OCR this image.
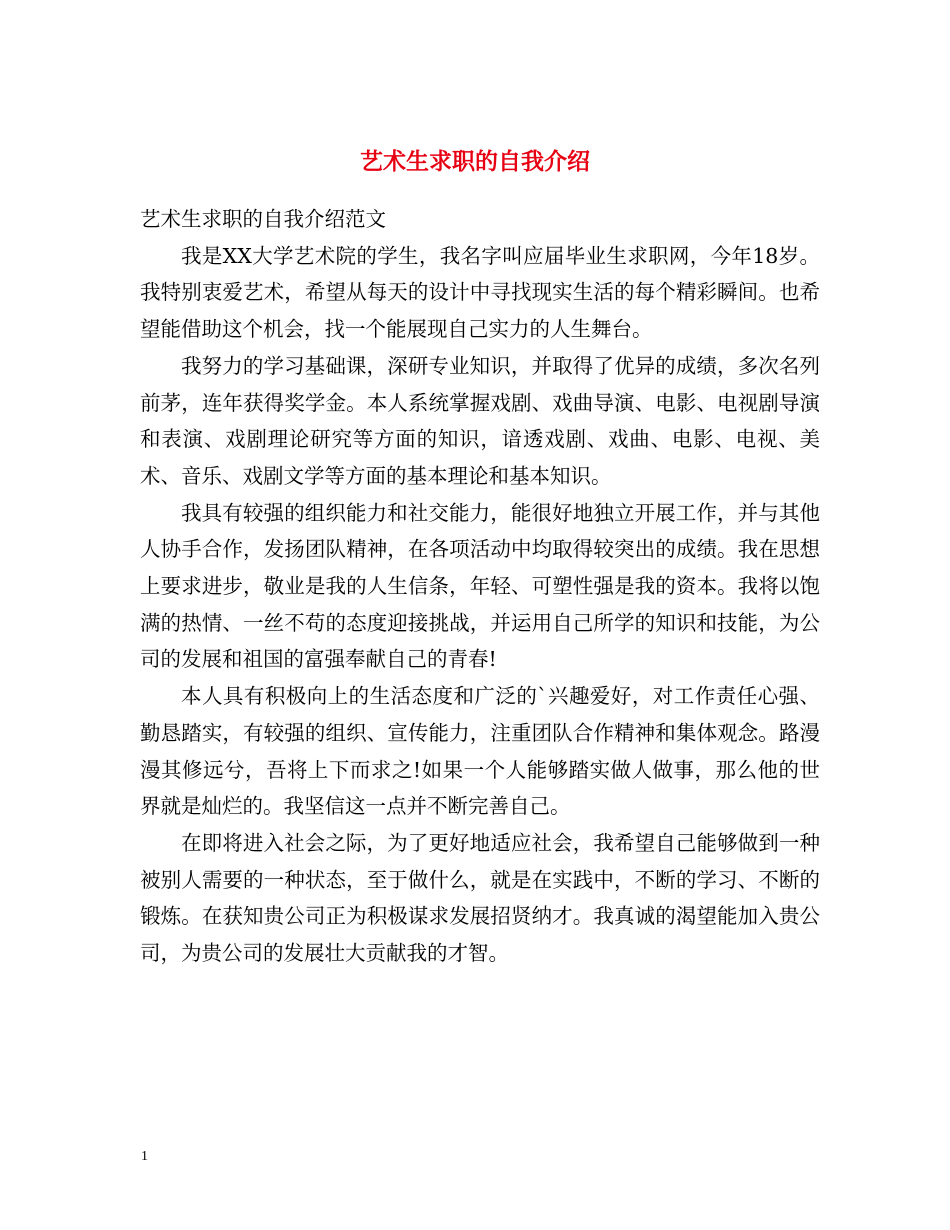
艺术生求职的自我介绍

艺术生求职的自我介绍范文

我是XX大学艺术院的学生，我名字叫应届毕业生求职网，今年18岁。我特别衷爱艺术，希望从每天的设计中寻找现实生活的每个精彩瞬间。也希望能借助这个机会，找一个能展现自己实力的人生舞台。

我努力的学习基础课，深研专业知识，并取得了优异的成绩，多次名列前茅，连年获得奖学金。本人系统掌握戏剧、戏曲导演、电影、电视剧导演和表演、戏剧理论研究等方面的知识，谙透戏剧、戏曲、电影、电视、美术、音乐、戏剧文学等方面的基本理论和基本知识。

我具有较强的组织能力和社交能力，能很好地独立开展工作，并与其他人协手合作，发扬团队精神，在各项活动中均取得较突出的成绩。我在思想上要求进步，敬业是我的人生信条，年轻、可塑性强是我的资本。我将以饱满的热情、一丝不苟的态度迎接挑战，并运用自己所学的知识和技能，为公司的发展和祖国的富强奉献自己的青春!

本人具有积极向上的生活态度和广泛的`兴趣爱好，对工作责任心强、勤恳踏实，有较强的组织、宣传能力，注重团队合作精神和集体观念。路漫漫其修远兮，吾将上下而求之!如果一个人能够踏实做人做事，那么他的世界就是灿烂的。我坚信这一点并不断完善自己。

在即将进入社会之际，为了更好地适应社会，我希望自己能够做到一种被别人需要的一种状态，至于做什么，就是在实践中，不断的学习、不断的锻炼。在获知贵公司正为积极谋求发展招贤纳才。我真诚的渴望能加入贵公司，为贵公司的发展壮大贡献我的才智。

1
